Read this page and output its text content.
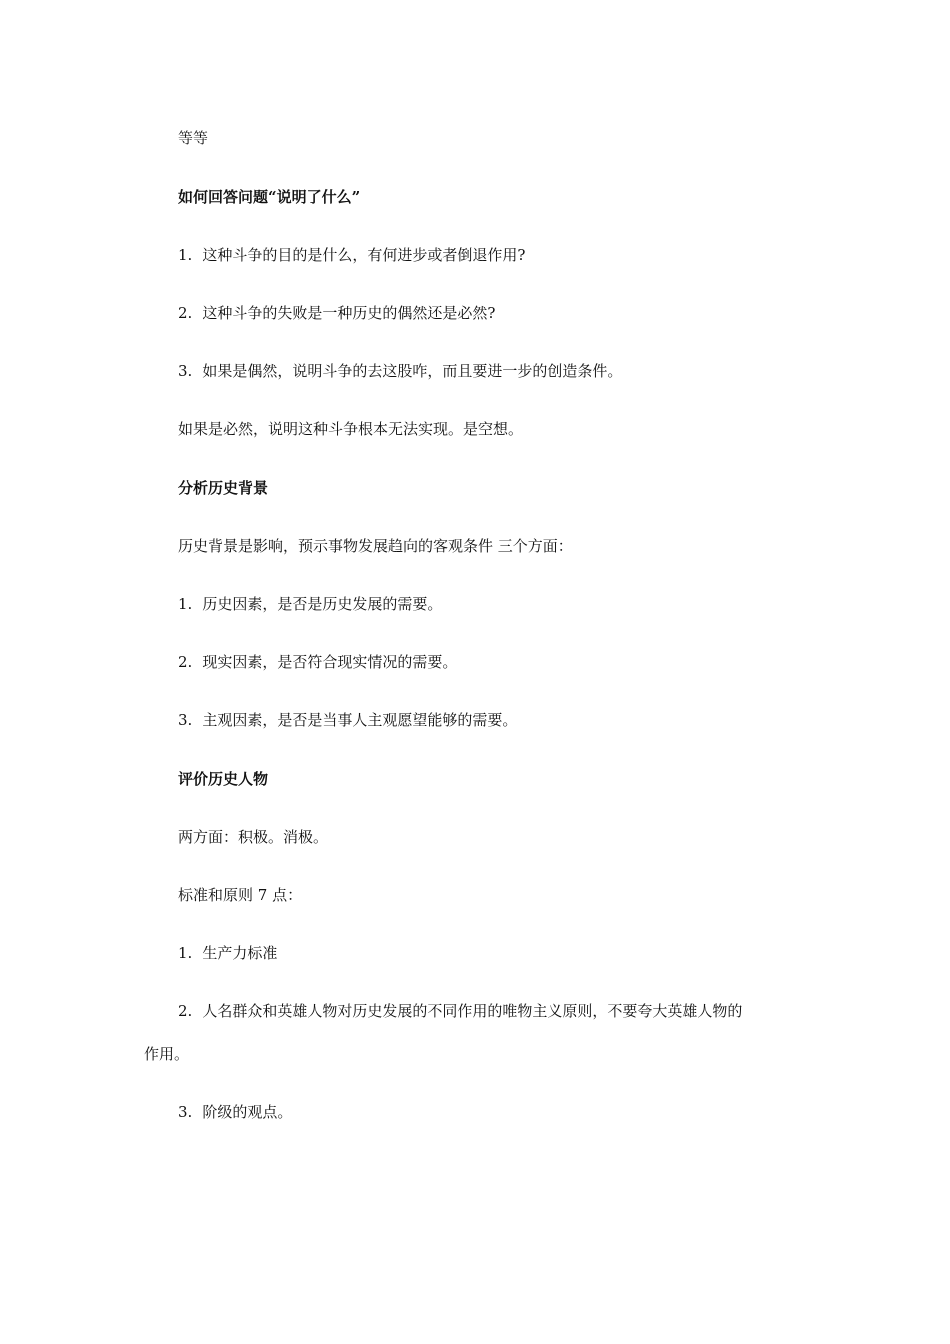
等等
如何回答问题“说明了什么”
1. 这种斗争的目的是什么，有何进步或者倒退作用?
2. 这种斗争的失败是一种历史的偶然还是必然?
3. 如果是偶然，说明斗争的去这股咋，而且要进一步的创造条件。
如果是必然，说明这种斗争根本无法实现。是空想。
分析历史背景
历史背景是影响，预示事物发展趋向的客观条件 三个方面：
1. 历史因素，是否是历史发展的需要。
2. 现实因素，是否符合现实情况的需要。
3. 主观因素，是否是当事人主观愿望能够的需要。
评价历史人物
两方面：积极。消极。
标准和原则 7 点：
1. 生产力标准
2. 人名群众和英雄人物对历史发展的不同作用的唯物主义原则，不要夸大英雄人物的
作用。
3. 阶级的观点。
